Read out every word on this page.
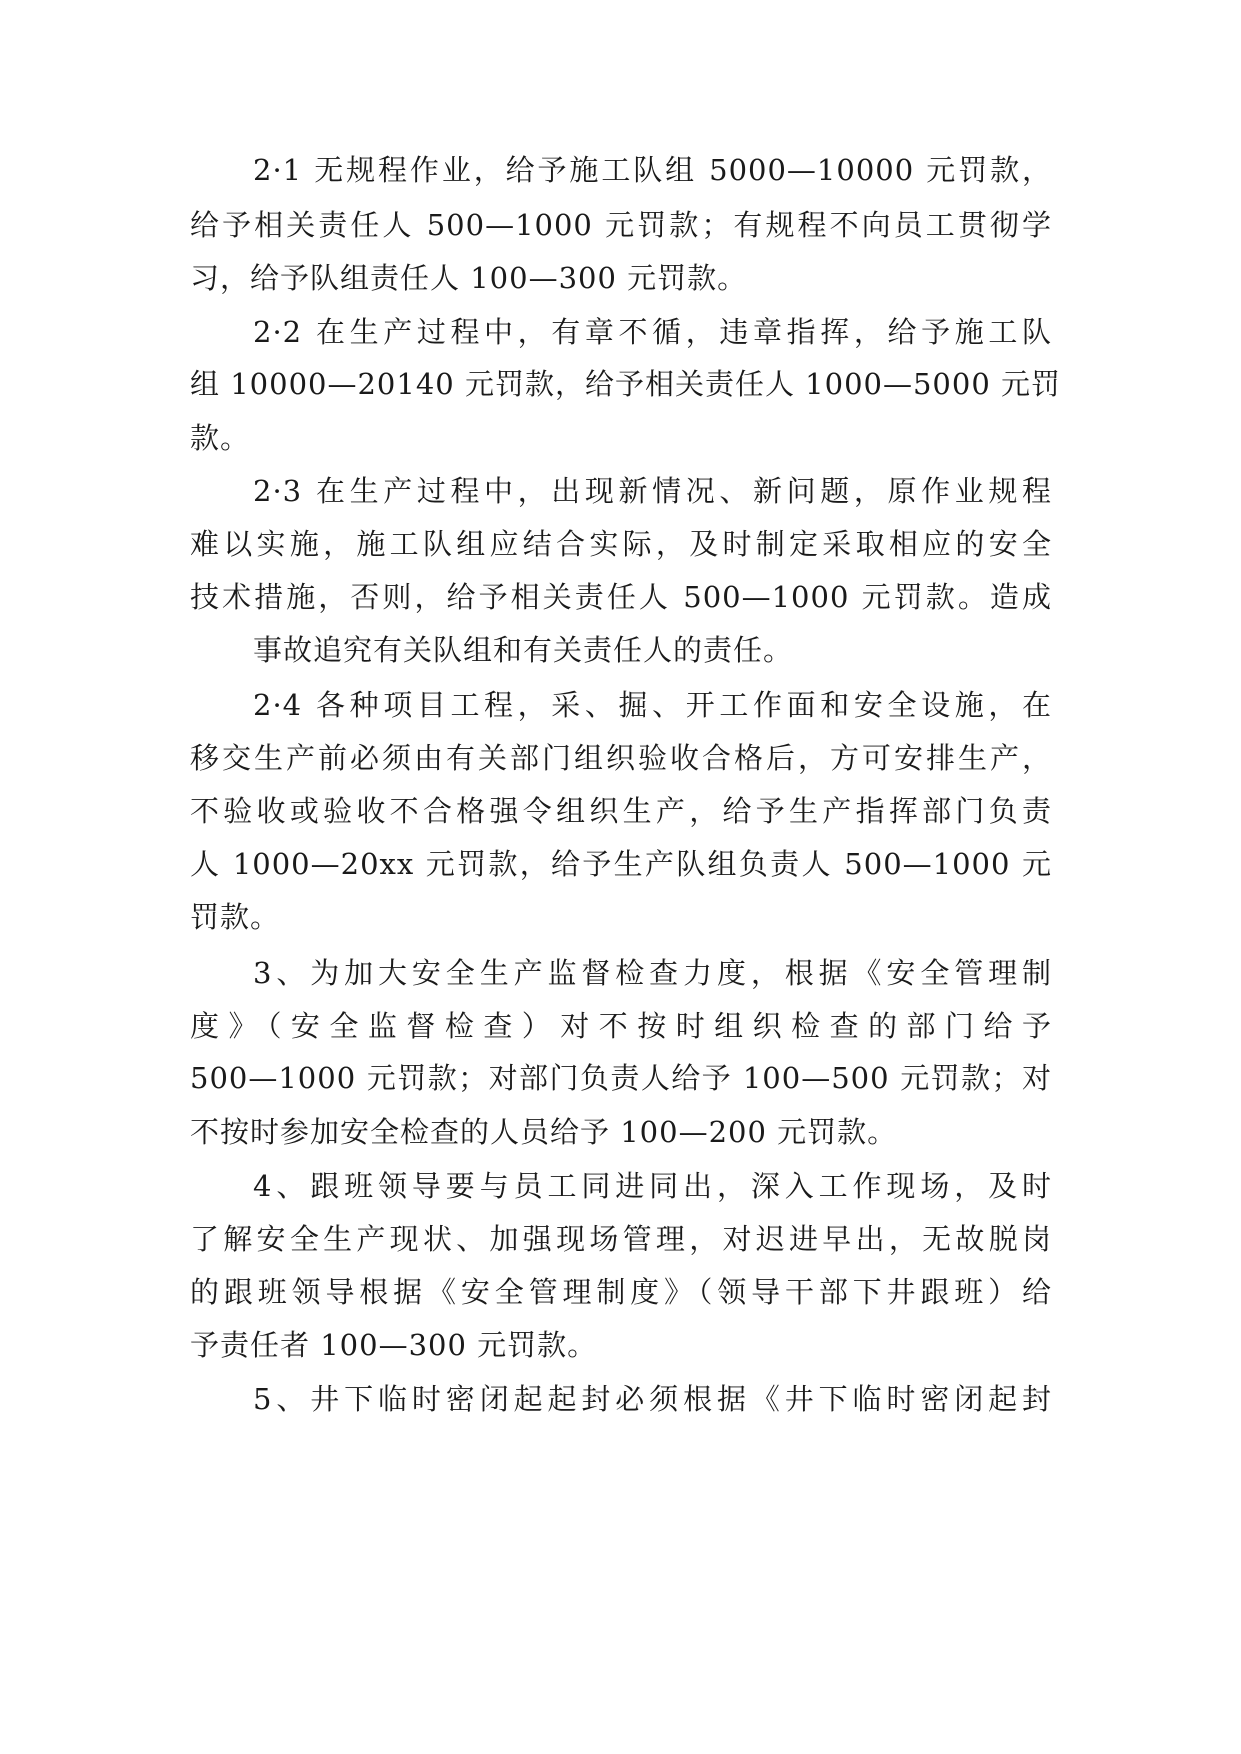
2·1 无规程作业，给予施工队组 5000—10000 元罚款，

给予相关责任人 500—1000 元罚款；有规程不向员工贯彻学

习，给予队组责任人 100—300 元罚款。

2·2 在生产过程中，有章不循，违章指挥，给予施工队

组 10000—20140 元罚款，给予相关责任人 1000—5000 元罚

款。

2·3 在生产过程中，出现新情况、新问题，原作业规程

难以实施，施工队组应结合实际，及时制定采取相应的安全

技术措施，否则，给予相关责任人 500—1000 元罚款。造成

事故追究有关队组和有关责任人的责任。

2·4 各种项目工程，采、掘、开工作面和安全设施，在

移交生产前必须由有关部门组织验收合格后，方可安排生产，

不验收或验收不合格强令组织生产，给予生产指挥部门负责

人 1000—20xx 元罚款，给予生产队组负责人 500—1000 元

罚款。

3、为加大安全生产监督检查力度，根据《安全管理制

度》（安全监督检查）对不按时组织检查的部门给予

500—1000 元罚款；对部门负责人给予 100—500 元罚款；对

不按时参加安全检查的人员给予 100—200 元罚款。

4、跟班领导要与员工同进同出，深入工作现场，及时

了解安全生产现状、加强现场管理，对迟进早出，无故脱岗

的跟班领导根据《安全管理制度》（领导干部下井跟班）给

予责任者 100—300 元罚款。

5、井下临时密闭起起封必须根据《井下临时密闭起封
